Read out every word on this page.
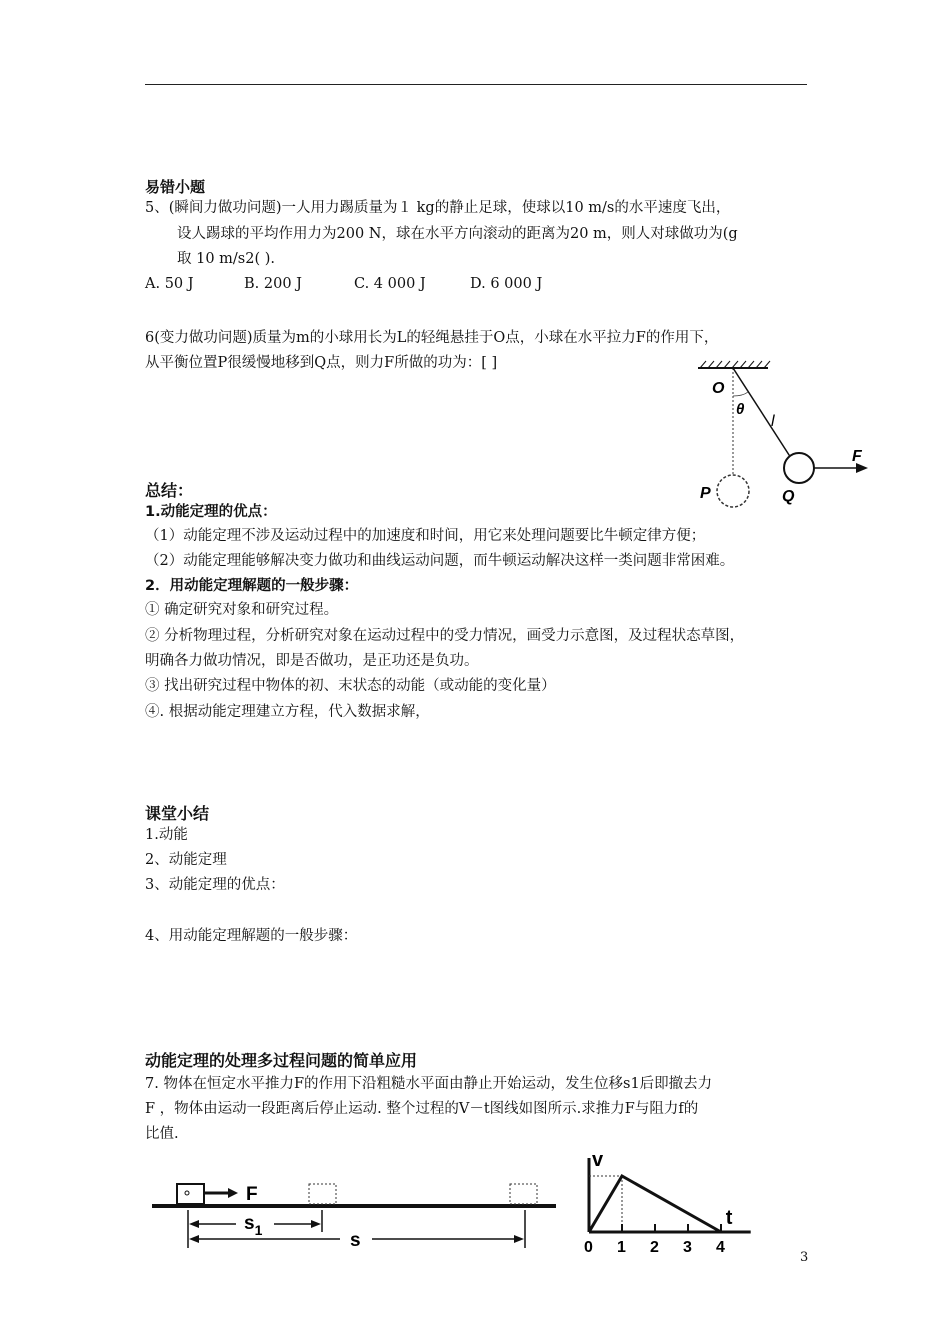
易错小题
5、(瞬间力做功问题)一人用力踢质量为１ kg的静止足球，使球以10 m/s的水平速度飞出，
设人踢球的平均作用力为200 N，球在水平方向滚动的距离为20 m，则人对球做功为(g
取 10 m/s2( ).
A. 50 J	B. 200 J	C. 4 000 J	D. 6 000 J
6(变力做功问题)质量为m的小球用长为L的轻绳悬挂于O点，小球在水平拉力F的作用下，
从平衡位置P很缓慢地移到Q点，则力F所做的功为：[ ]
O
θ
l
F
P	Q
总结：
1.动能定理的优点：
（1）动能定理不涉及运动过程中的加速度和时间，用它来处理问题要比牛顿定律方便；
（2）动能定理能够解决变力做功和曲线运动问题，而牛顿运动解决这样一类问题非常困难。
2．用动能定理解题的一般步骤：
① 确定研究对象和研究过程。
② 分析物理过程，分析研究对象在运动过程中的受力情况，画受力示意图，及过程状态草图，
明确各力做功情况，即是否做功，是正功还是负功。
③ 找出研究过程中物体的初、末状态的动能（或动能的变化量）
④. 根据动能定理建立方程，代入数据求解，
课堂小结
1.动能
2、动能定理
3、动能定理的优点：
4、用动能定理解题的一般步骤：
动能定理的处理多过程问题的简单应用
7. 物体在恒定水平推力F的作用下沿粗糙水平面由静止开始运动，发生位移s1后即撤去力
F ，物体由运动一段距离后停止运动. 整个过程的V－t图线如图所示.求推力F与阻力f的
比值.
F
$s_1$	s	0 1 2 3 4
v
t
3
